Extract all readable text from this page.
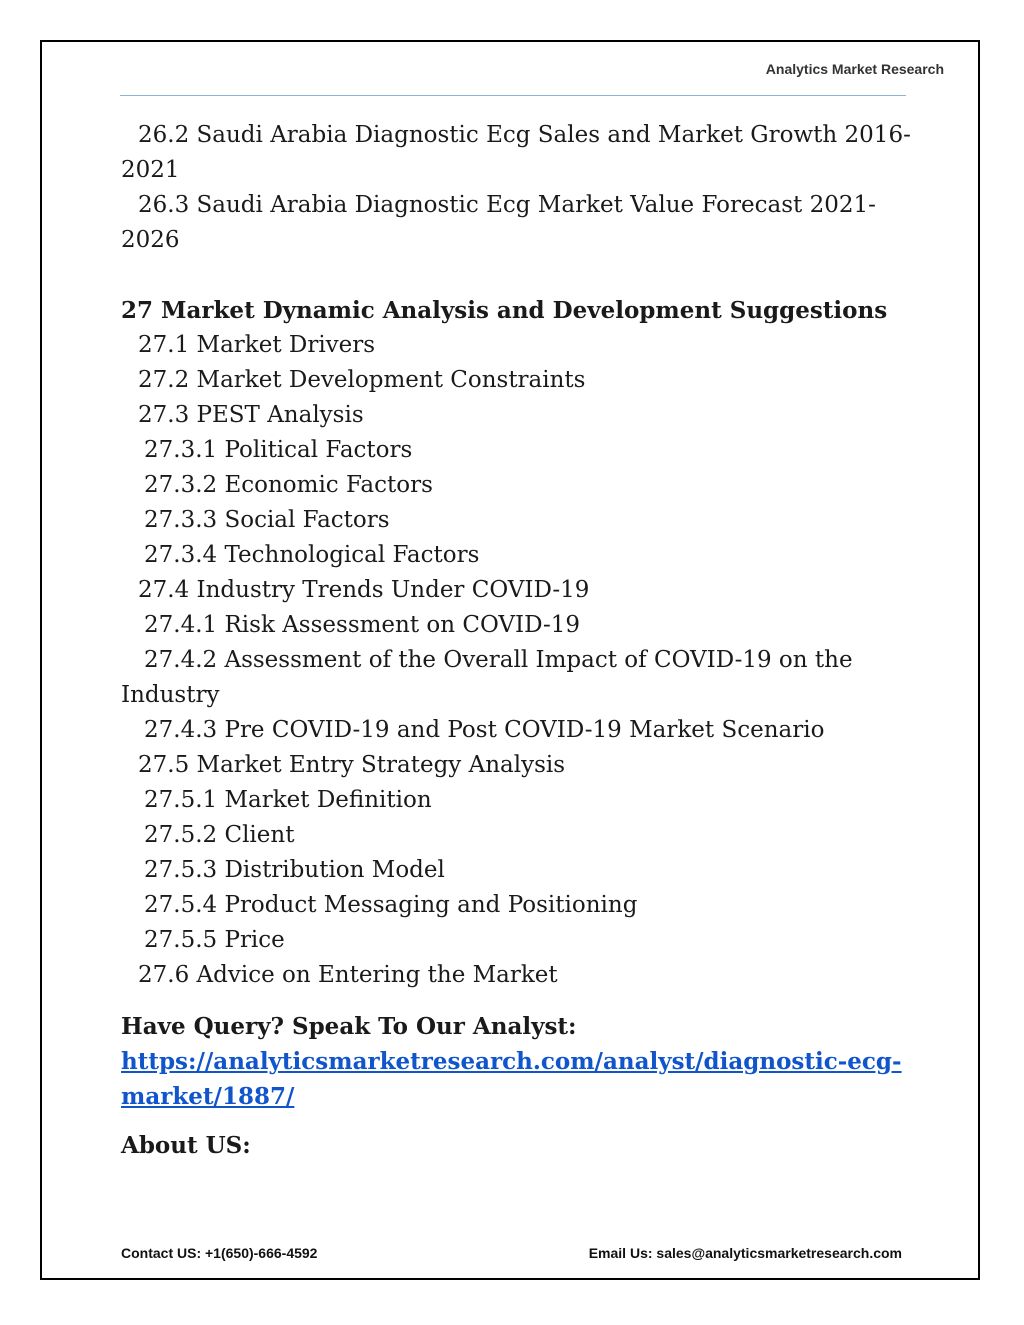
Analytics Market Research

26.2 Saudi Arabia Diagnostic Ecg Sales and Market Growth 2016-2021

26.3 Saudi Arabia Diagnostic Ecg Market Value Forecast 2021-2026

27 Market Dynamic Analysis and Development Suggestions

27.1 Market Drivers

27.2 Market Development Constraints

27.3 PEST Analysis

27.3.1 Political Factors

27.3.2 Economic Factors

27.3.3 Social Factors

27.3.4 Technological Factors

27.4 Industry Trends Under COVID-19

27.4.1 Risk Assessment on COVID-19

27.4.2 Assessment of the Overall Impact of COVID-19 on the Industry

27.4.3 Pre COVID-19 and Post COVID-19 Market Scenario

27.5 Market Entry Strategy Analysis

27.5.1 Market Definition

27.5.2 Client

27.5.3 Distribution Model

27.5.4 Product Messaging and Positioning

27.5.5 Price

27.6 Advice on Entering the Market

Have Query? Speak To Our Analyst:

https://analyticsmarketresearch.com/analyst/diagnostic-ecg-market/1887/

About US:

Contact US: +1(650)-666-4592	Email Us: sales@analyticsmarketresearch.com
